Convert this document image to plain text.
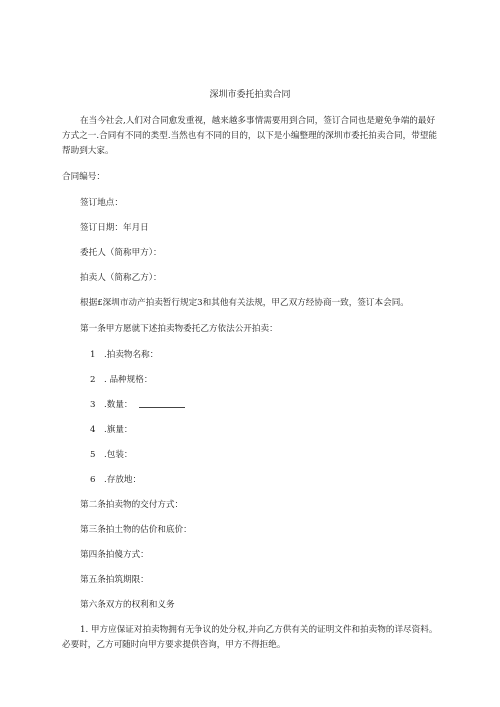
深圳市委托拍卖合同

在当今社会,人们对合同愈发重视，越来越多事情需要用到合同，签订合同也是避免争端的最好方式之一.合同有不同的类型.当然也有不同的目的，以下是小编整理的深圳市委托拍卖合同，带望能帮助到大家。

合同编号：

签订地点：

签订日期：年月日

委托人（简称甲方）：

拍卖人（简称乙方）：

根据£深圳市动产拍卖暂行规定3和其他有关法规，甲乙双方经协商一致，签订本会同。

第一条甲方愿就下述拍卖物委托乙方依法公开拍卖：

1 .拍卖物名称：

2 . 品种规格：

3 .数量：

4 .旗量：

5 .包装：

6 .存放地：

第二条拍卖物的交付方式：

第三条拍土物的估价和底价：

第四条拍傻方式：

第五条拍筑期限：

第六条双方的权利和义务

1. 甲方应保证对拍卖物拥有无争议的处分权,并向乙方供有关的证明文件和拍卖物的详尽资料。必要时，乙方可随时向甲方要求提供咨询，甲方不得拒绝。
